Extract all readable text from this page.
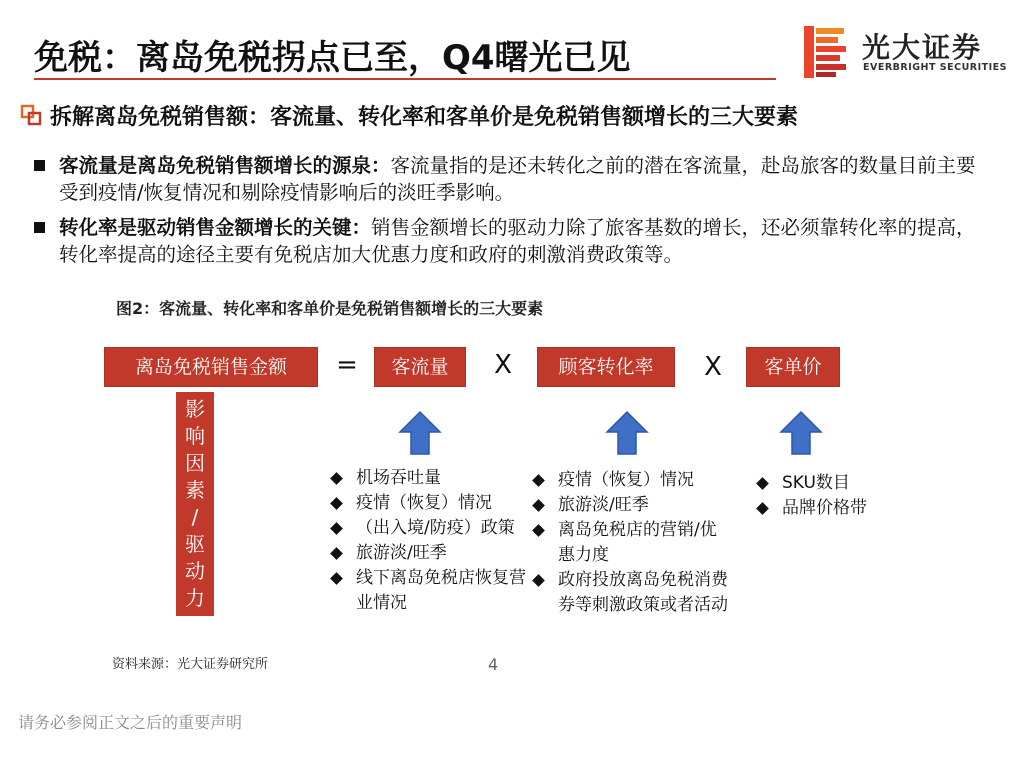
免税：离岛免税拐点已至，Q4曙光已见	光大证券
EVERBRIGHT SECURITIES
拆解离岛免税销售额：客流量、转化率和客单价是免税销售额增长的三大要素
客流量是离岛免税销售额增长的源泉：客流量指的是还未转化之前的潜在客流量，赴岛旅客的数量目前主要受到疫情/恢复情况和剔除疫情影响后的淡旺季影响。
转化率是驱动销售金额增长的关键：销售金额增长的驱动力除了旅客基数的增长，还必须靠转化率的提高，转化率提高的途径主要有免税店加大优惠力度和政府的刺激消费政策等。
图2：客流量、转化率和客单价是免税销售额增长的三大要素
离岛免税销售金额	=	客流量	X	顾客转化率	X	客单价
影
响
因
素
/
驱
动
力
机场吞吐量
疫情（恢复）情况
（出入境/防疫）政策
旅游淡/旺季
线下离岛免税店恢复营业情况
疫情（恢复）情况
旅游淡/旺季
离岛免税店的营销/优惠力度
政府投放离岛免税消费券等刺激政策或者活动
SKU数目
品牌价格带
资料来源：光大证券研究所	4
请务必参阅正文之后的重要声明
